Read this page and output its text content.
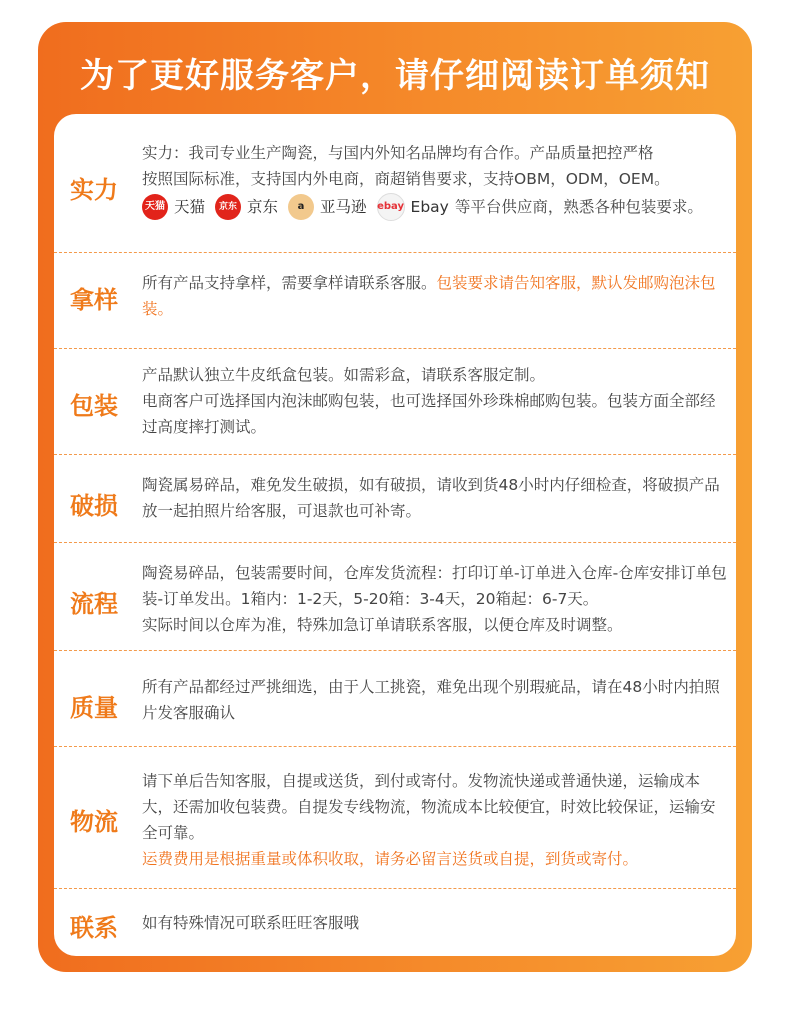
为了更好服务客户，请仔细阅读订单须知
实力
实力：我司专业生产陶瓷，与国内外知名品牌均有合作。产品质量把控严格
按照国际标准，支持国内外电商，商超销售要求，支持OBM，ODM，OEM。
天猫 天猫	京东 京东	a	亚马逊 ebay Ebay 等平台供应商，熟悉各种包装要求。
拿样
所有产品支持拿样，需要拿样请联系客服。包装要求请告知客服，默认发邮购泡沫包装。
包装
产品默认独立牛皮纸盒包装。如需彩盒，请联系客服定制。
电商客户可选择国内泡沫邮购包装，也可选择国外珍珠棉邮购包装。包装方面全部经过高度摔打测试。
破损
陶瓷属易碎品，难免发生破损，如有破损，请收到货48小时内仔细检查，将破损产品放一起拍照片给客服，可退款也可补寄。
流程
陶瓷易碎品，包装需要时间，仓库发货流程：打印订单-订单进入仓库-仓库安排订单包装-订单发出。1箱内：1-2天，5-20箱：3-4天，20箱起：6-7天。
实际时间以仓库为准，特殊加急订单请联系客服，以便仓库及时调整。
质量
所有产品都经过严挑细选，由于人工挑瓷，难免出现个别瑕疵品，请在48小时内拍照片发客服确认
物流
请下单后告知客服，自提或送货，到付或寄付。发物流快递或普通快递，运输成本大，还需加收包装费。自提发专线物流，物流成本比较便宜，时效比较保证，运输安全可靠。
运费费用是根据重量或体积收取，请务必留言送货或自提，到货或寄付。
联系	如有特殊情况可联系旺旺客服哦
